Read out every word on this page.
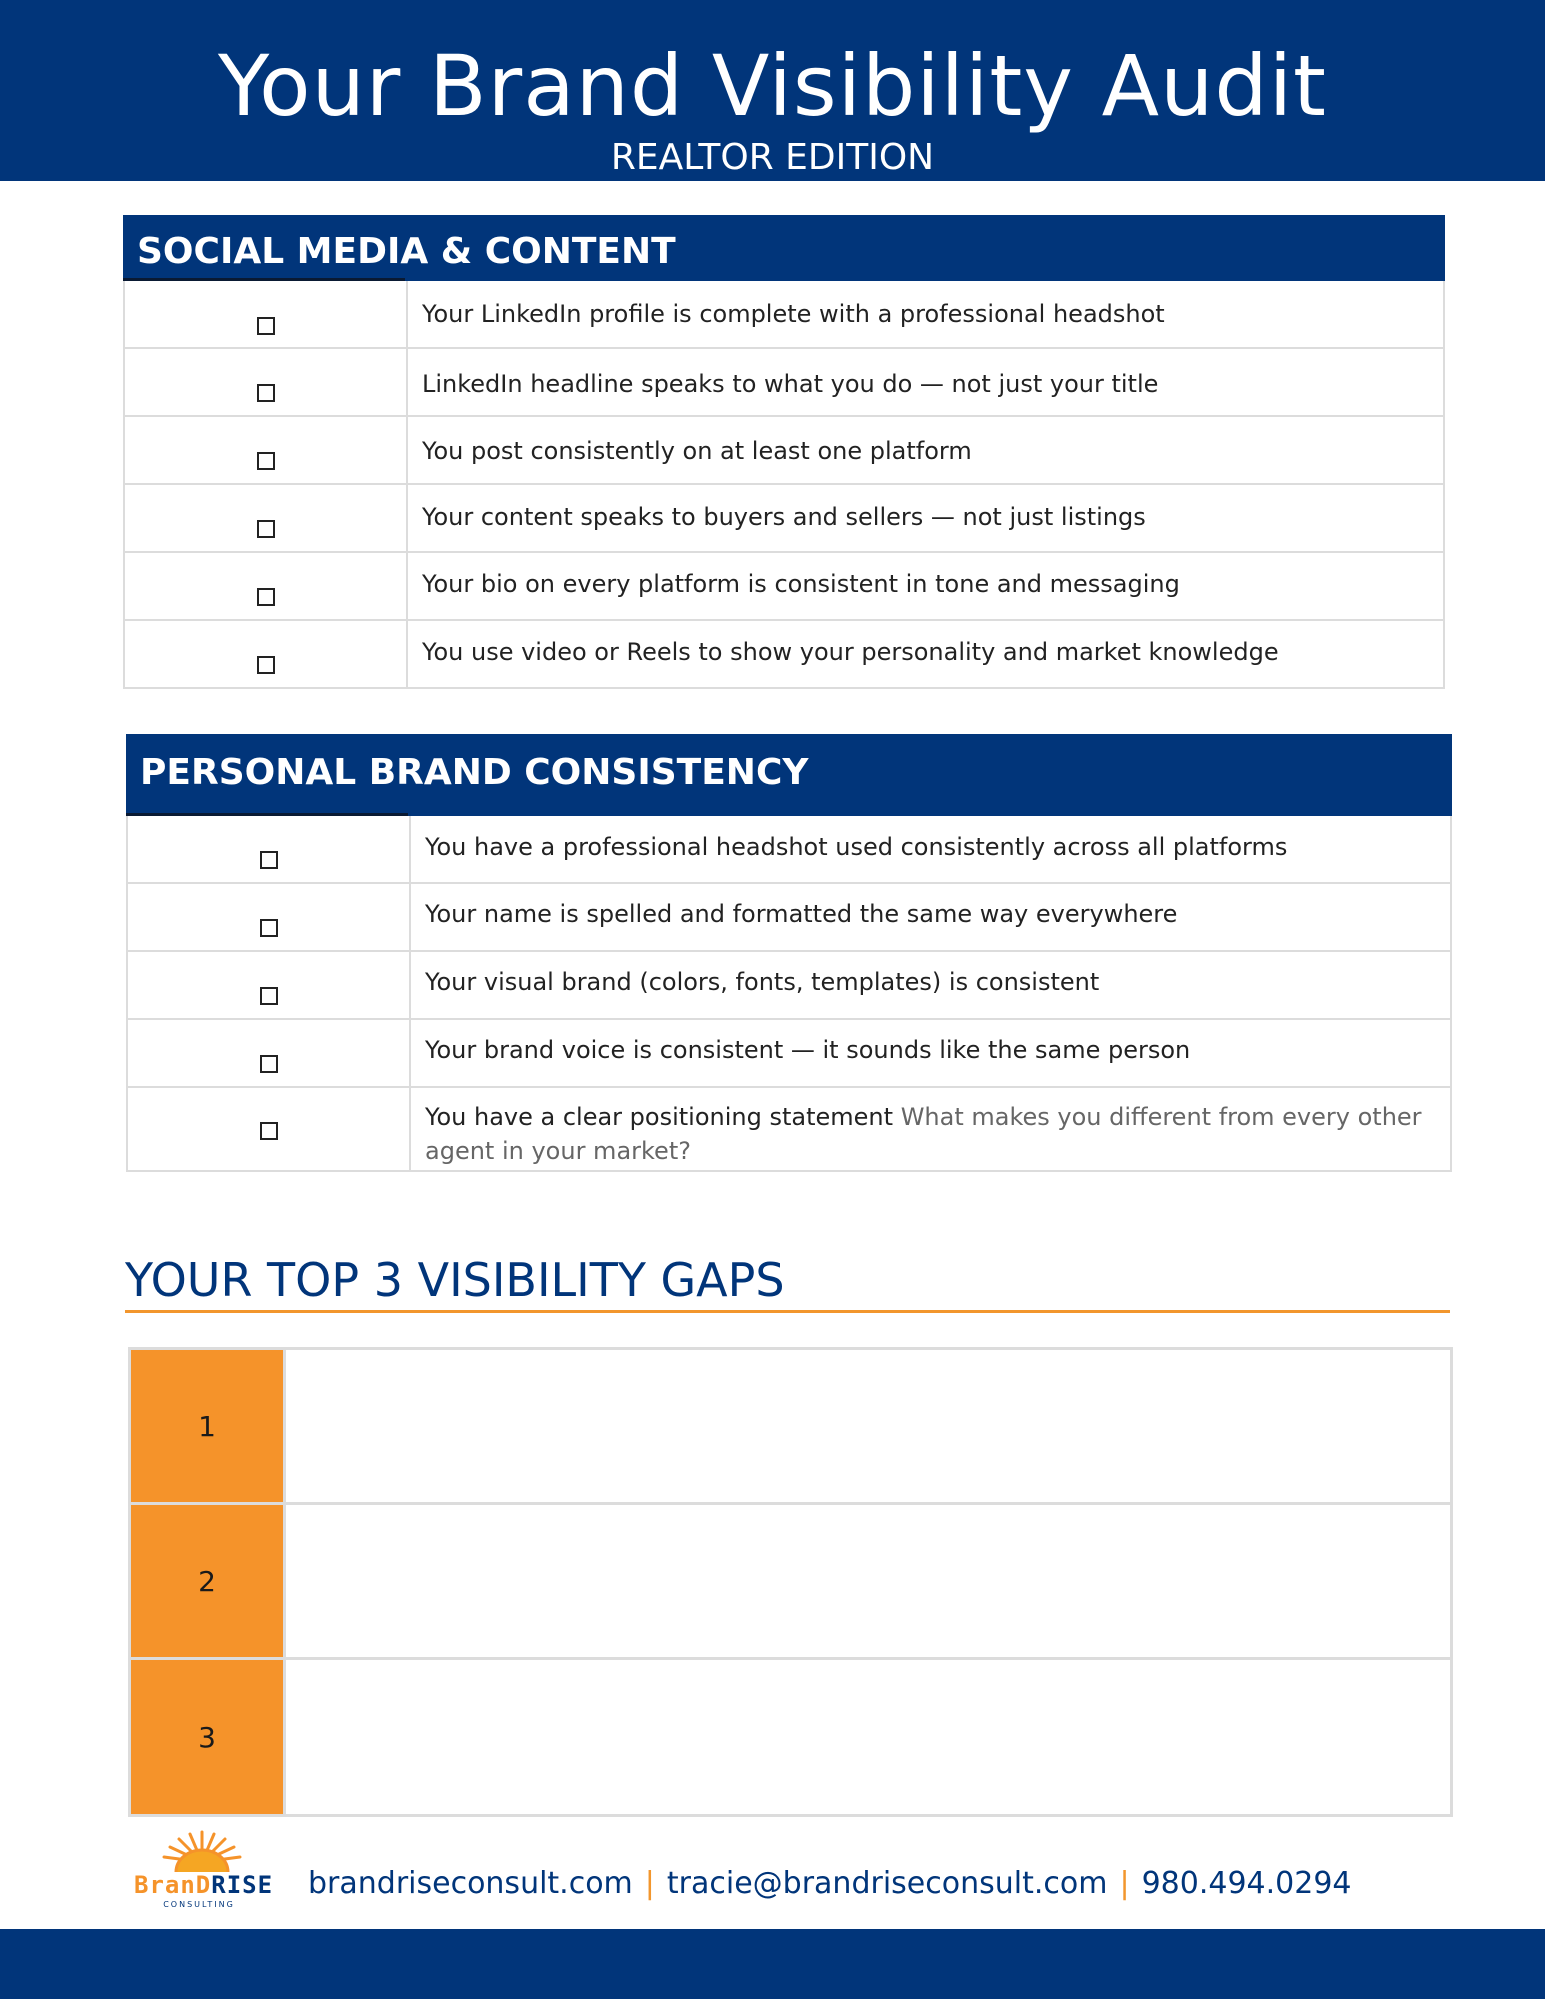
Your Brand Visibility Audit
REALTOR EDITION
SOCIAL MEDIA & CONTENT
Your LinkedIn profile is complete with a professional headshot
LinkedIn headline speaks to what you do — not just your title
You post consistently on at least one platform
Your content speaks to buyers and sellers — not just listings
Your bio on every platform is consistent in tone and messaging
You use video or Reels to show your personality and market knowledge
PERSONAL BRAND CONSISTENCY
You have a professional headshot used consistently across all platforms
Your name is spelled and formatted the same way everywhere
Your visual brand (colors, fonts, templates) is consistent
Your brand voice is consistent — it sounds like the same person
You have a clear positioning statement What makes you different from every other agent in your market?
YOUR TOP 3 VISIBILITY GAPS
1
2
3
BranDRISE
CONSULTING
brandriseconsult.com | tracie@brandriseconsult.com | 980.494.0294
